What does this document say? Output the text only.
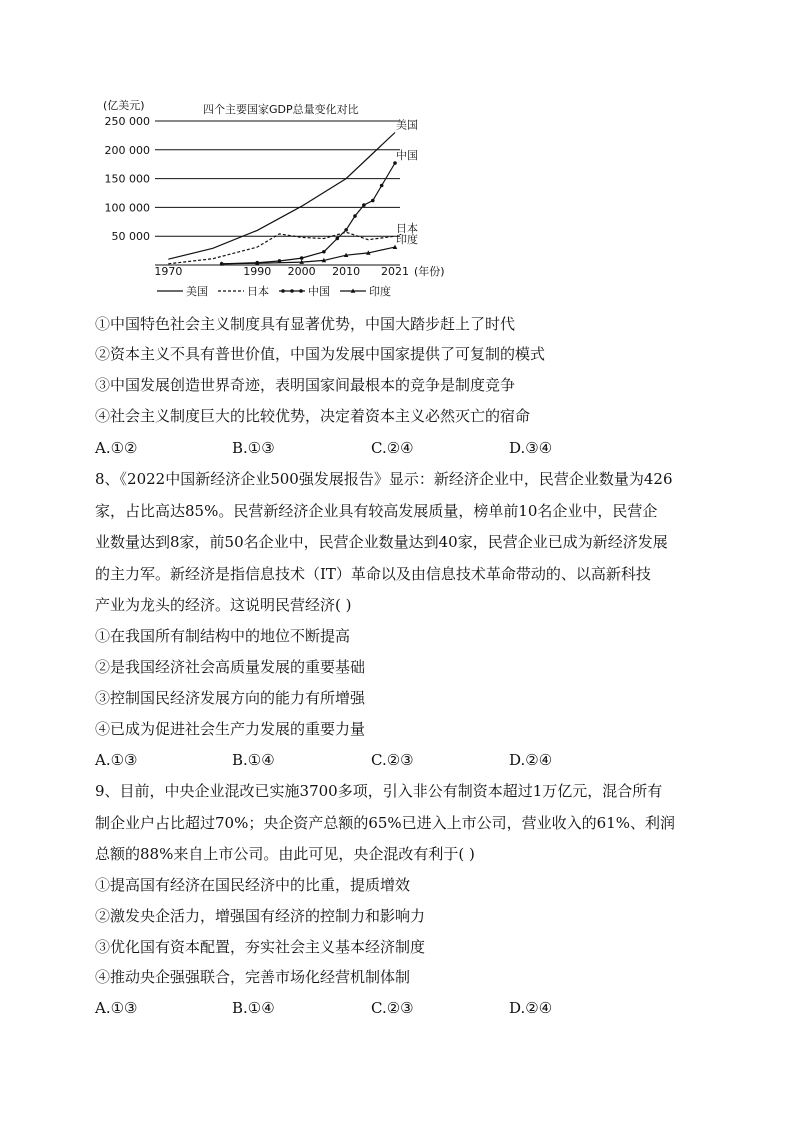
250 000
200 000
150 000
100 000
50 000
1970	1990 2000 2010 2021
美国
日本
中国
印度
四个主要国家GDP总量变化对比
(亿美元)
(年份)
美国	日本	中国	印度
①中国特色社会主义制度具有显著优势，中国大踏步赶上了时代
②资本主义不具有普世价值，中国为发展中国家提供了可复制的模式
③中国发展创造世界奇迹，表明国家间最根本的竞争是制度竞争
④社会主义制度巨大的比较优势，决定着资本主义必然灭亡的宿命
A.①②	B.①③	C.②④	D.③④
8、《2022中国新经济企业500强发展报告》显示：新经济企业中，民营企业数量为426
家，占比高达85%。民营新经济企业具有较高发展质量，榜单前10名企业中，民营企
业数量达到8家，前50名企业中，民营企业数量达到40家，民营企业已成为新经济发展
的主力军。新经济是指信息技术（IT）革命以及由信息技术革命带动的、以高新科技
产业为龙头的经济。这说明民营经济( )
①在我国所有制结构中的地位不断提高
②是我国经济社会高质量发展的重要基础
③控制国民经济发展方向的能力有所增强
④已成为促进社会生产力发展的重要力量
A.①③	B.①④	C.②③	D.②④
9、目前，中央企业混改已实施3700多项，引入非公有制资本超过1万亿元，混合所有
制企业户占比超过70%；央企资产总额的65%已进入上市公司，营业收入的61%、利润
总额的88%来自上市公司。由此可见，央企混改有利于( )
①提高国有经济在国民经济中的比重，提质增效
②激发央企活力，增强国有经济的控制力和影响力
③优化国有资本配置，夯实社会主义基本经济制度
④推动央企强强联合，完善市场化经营机制体制
A.①③	B.①④	C.②③	D.②④
